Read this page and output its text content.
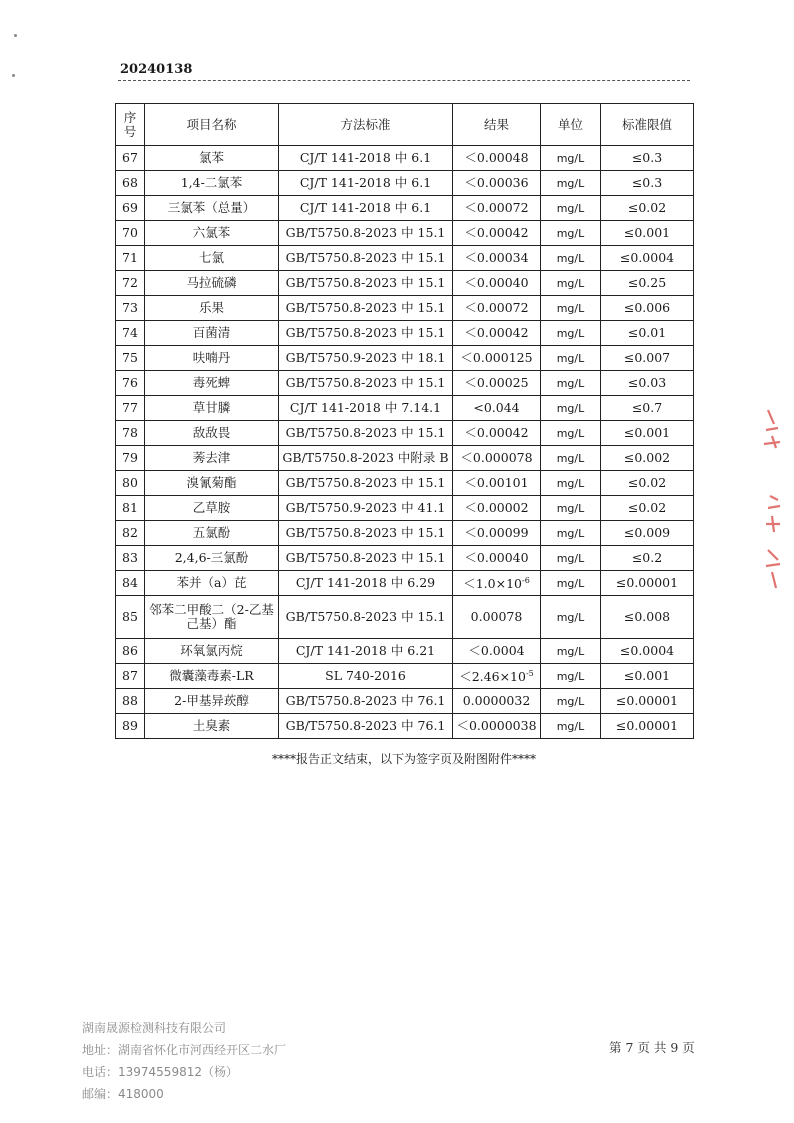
20240138
序号	项目名称	方法标准	结果	单位	标准限值
67	氯苯	CJ/T 141-2018 中 6.1	＜0.00048	mg/L	≤0.3
68	1,4-二氯苯	CJ/T 141-2018 中 6.1	＜0.00036	mg/L	≤0.3
69	三氯苯（总量）	CJ/T 141-2018 中 6.1	＜0.00072	mg/L	≤0.02
70	六氯苯	GB/T5750.8-2023 中 15.1	＜0.00042	mg/L	≤0.001
71	七氯	GB/T5750.8-2023 中 15.1	＜0.00034	mg/L	≤0.0004
72	马拉硫磷	GB/T5750.8-2023 中 15.1	＜0.00040	mg/L	≤0.25
73	乐果	GB/T5750.8-2023 中 15.1	＜0.00072	mg/L	≤0.006
74	百菌清	GB/T5750.8-2023 中 15.1	＜0.00042	mg/L	≤0.01
75	呋喃丹	GB/T5750.9-2023 中 18.1	＜0.000125	mg/L	≤0.007
76	毒死蜱	GB/T5750.8-2023 中 15.1	＜0.00025	mg/L	≤0.03
77	草甘膦	CJ/T 141-2018 中 7.14.1	<0.044	mg/L	≤0.7
78	敌敌畏	GB/T5750.8-2023 中 15.1	＜0.00042	mg/L	≤0.001
79	莠去津	GB/T5750.8-2023 中附录 B	＜0.000078	mg/L	≤0.002
80	溴氰菊酯	GB/T5750.8-2023 中 15.1	＜0.00101	mg/L	≤0.02
81	乙草胺	GB/T5750.9-2023 中 41.1	＜0.00002	mg/L	≤0.02
82	五氯酚	GB/T5750.8-2023 中 15.1	＜0.00099	mg/L	≤0.009
83	2,4,6-三氯酚	GB/T5750.8-2023 中 15.1	＜0.00040	mg/L	≤0.2
84	苯并（a）芘	CJ/T 141-2018 中 6.29	$<1.0\times 10^{-6}$	mg/L	≤0.00001
85	邻苯二甲酸二（2-乙基己基）酯	GB/T5750.8-2023 中 15.1	0.00078	mg/L	≤0.008
86	环氧氯丙烷	CJ/T 141-2018 中 6.21	＜0.0004	mg/L	≤0.0004
87	微囊藻毒素-LR	SL 740-2016	$<2.46\times 10^{-5}$	mg/L	≤0.001
88	2-甲基异莰醇	GB/T5750.8-2023 中 76.1	0.0000032	mg/L	≤0.00001
89	土臭素	GB/T5750.8-2023 中 76.1	＜0.0000038	mg/L	≤0.00001
****报告正文结束，以下为签字页及附图附件****
湖南晟源检测科技有限公司
地址：湖南省怀化市河西经开区二水厂
电话：13974559812（杨）
邮编：418000
第 7 页 共 9 页
